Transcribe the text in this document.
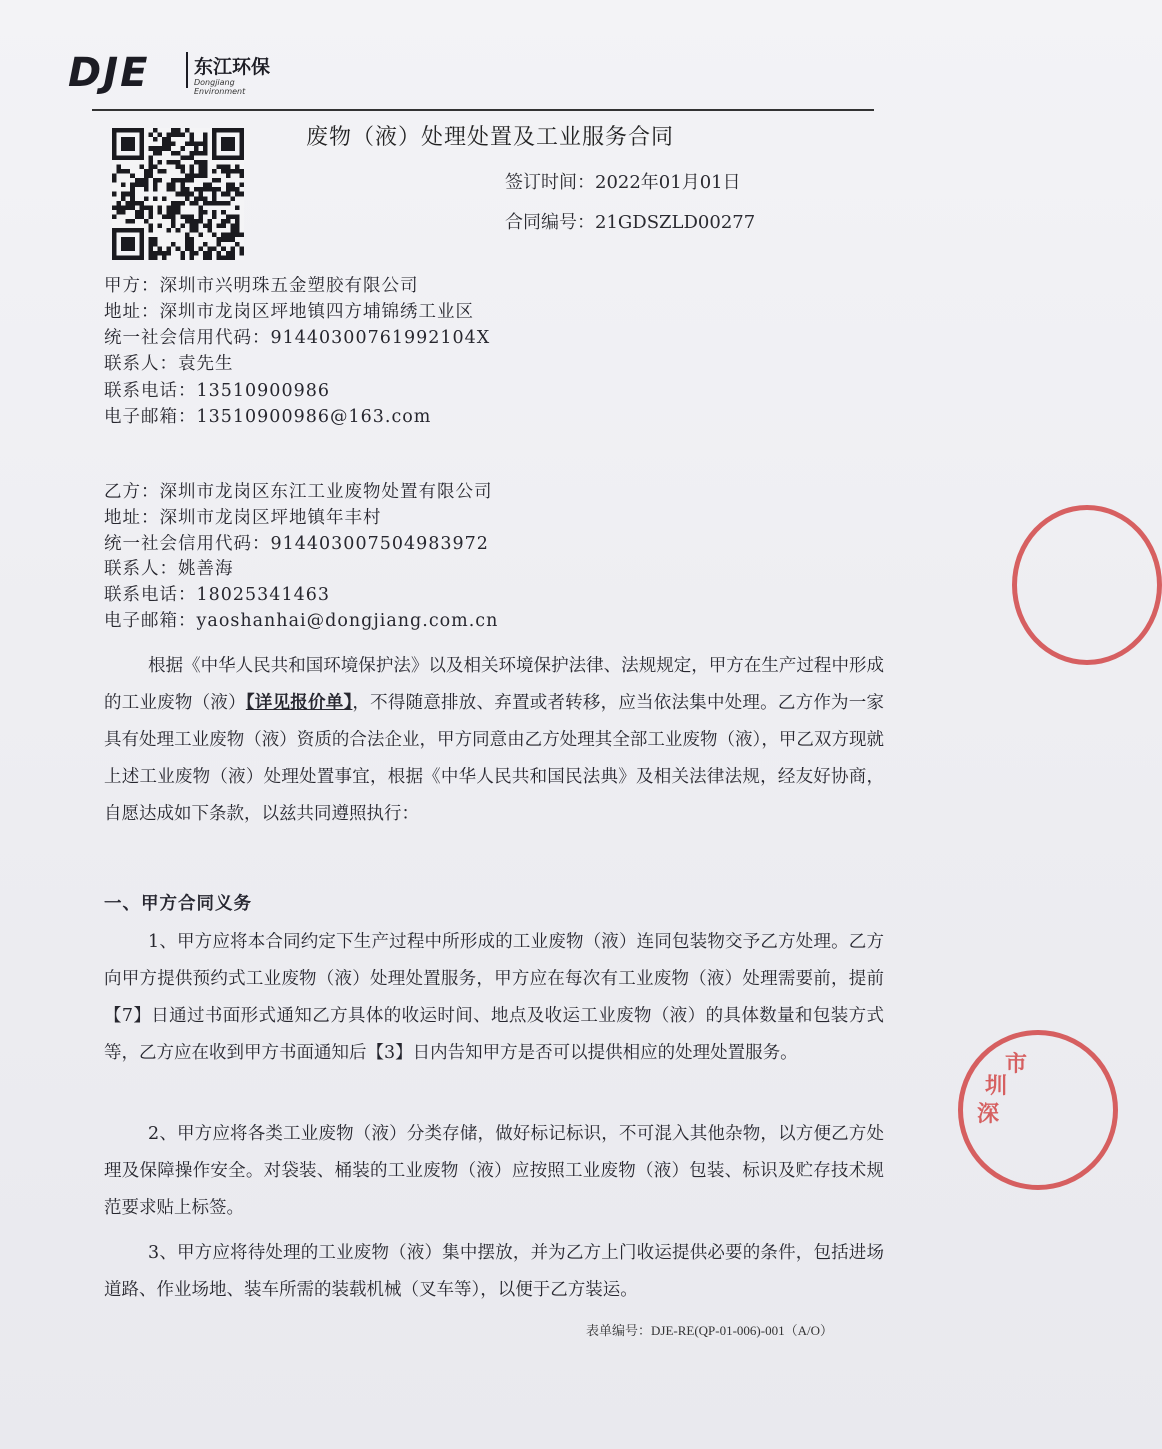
DJE 东江环保
Dongjiang Environment
废物（液）处理处置及工业服务合同
签订时间：2022年01月01日
合同编号：21GDSZLD00277
甲方：深圳市兴明珠五金塑胶有限公司
地址：深圳市龙岗区坪地镇四方埔锦绣工业区
统一社会信用代码：91440300761992104X
联系人：袁先生
联系电话：13510900986
电子邮箱：13510900986@163.com
乙方：深圳市龙岗区东江工业废物处置有限公司
地址：深圳市龙岗区坪地镇年丰村
统一社会信用代码：914403007504983972
联系人：姚善海
联系电话：18025341463
电子邮箱：yaoshanhai@dongjiang.com.cn
根据《中华人民共和国环境保护法》以及相关环境保护法律、法规规定，甲方在生产过程中形成的工业废物（液）【详见报价单】，不得随意排放、弃置或者转移，应当依法集中处理。乙方作为一家具有处理工业废物（液）资质的合法企业，甲方同意由乙方处理其全部工业废物（液），甲乙双方现就上述工业废物（液）处理处置事宜，根据《中华人民共和国民法典》及相关法律法规，经友好协商，自愿达成如下条款，以兹共同遵照执行：
一、甲方合同义务
1、甲方应将本合同约定下生产过程中所形成的工业废物（液）连同包装物交予乙方处理。乙方向甲方提供预约式工业废物（液）处理处置服务，甲方应在每次有工业废物（液）处理需要前，提前【7】日通过书面形式通知乙方具体的收运时间、地点及收运工业废物（液）的具体数量和包装方式等，乙方应在收到甲方书面通知后【3】日内告知甲方是否可以提供相应的处理处置服务。
2、甲方应将各类工业废物（液）分类存储，做好标记标识，不可混入其他杂物，以方便乙方处理及保障操作安全。对袋装、桶装的工业废物（液）应按照工业废物（液）包装、标识及贮存技术规范要求贴上标签。
3、甲方应将待处理的工业废物（液）集中摆放，并为乙方上门收运提供必要的条件，包括进场道路、作业场地、装车所需的装载机械（叉车等），以便于乙方装运。
表单编号：DJE-RE(QP-01-006)-001（A/O）
深
圳
市
